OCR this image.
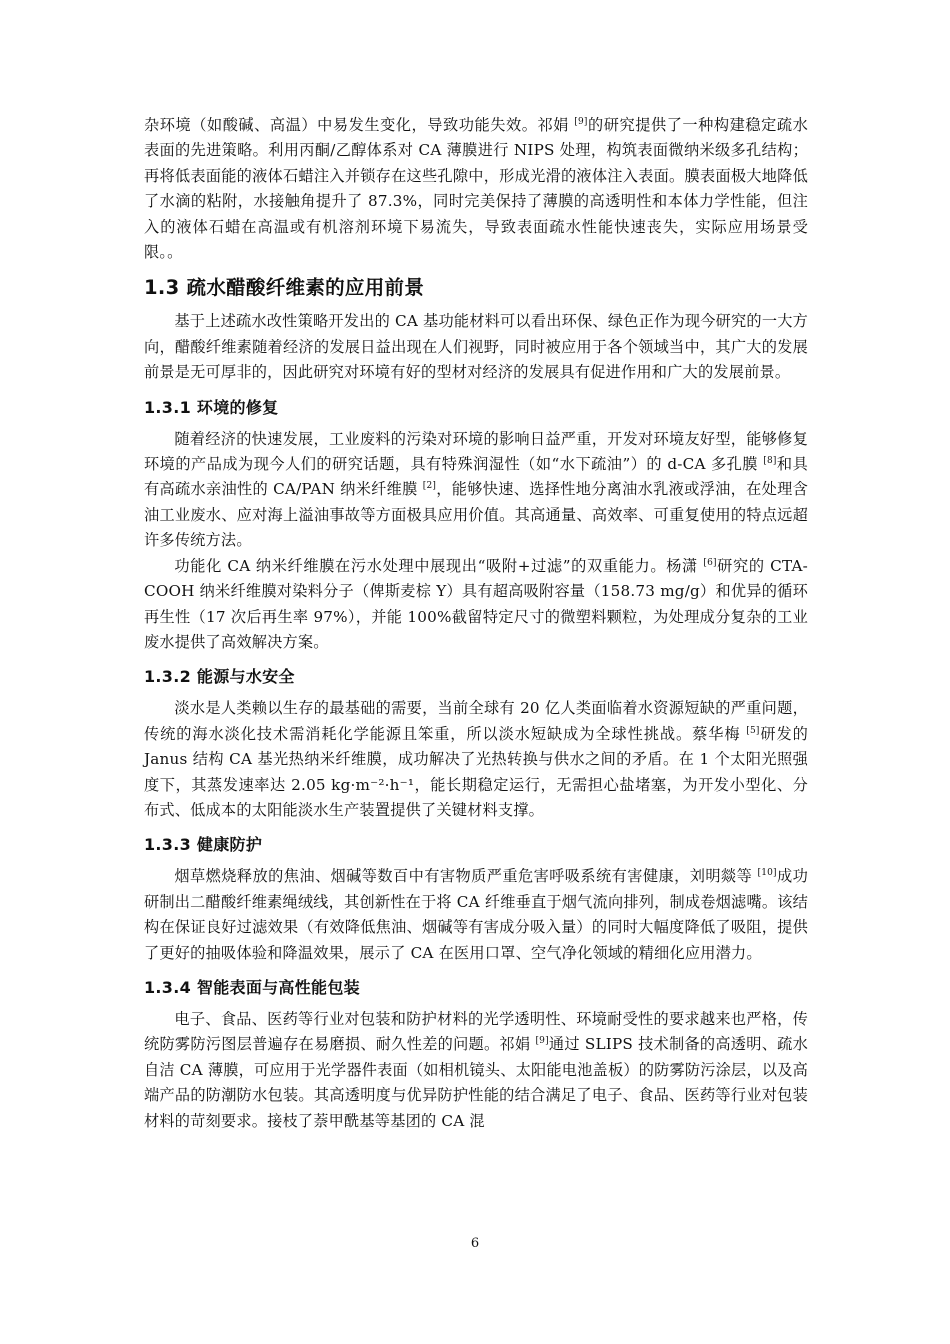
杂环境（如酸碱、高温）中易发生变化，导致功能失效。祁娟 [9]的研究提供了一种构建稳定疏水表面的先进策略。利用丙酮/乙醇体系对 CA 薄膜进行 NIPS 处理，构筑表面微纳米级多孔结构；再将低表面能的液体石蜡注入并锁存在这些孔隙中，形成光滑的液体注入表面。膜表面极大地降低了水滴的粘附，水接触角提升了 87.3%，同时完美保持了薄膜的高透明性和本体力学性能，但注入的液体石蜡在高温或有机溶剂环境下易流失，导致表面疏水性能快速丧失，实际应用场景受限。。

1.3 疏水醋酸纤维素的应用前景

基于上述疏水改性策略开发出的 CA 基功能材料可以看出环保、绿色正作为现今研究的一大方向，醋酸纤维素随着经济的发展日益出现在人们视野，同时被应用于各个领域当中，其广大的发展前景是无可厚非的，因此研究对环境有好的型材对经济的发展具有促进作用和广大的发展前景。

1.3.1 环境的修复

随着经济的快速发展，工业废料的污染对环境的影响日益严重，开发对环境友好型，能够修复环境的产品成为现今人们的研究话题，具有特殊润湿性（如“水下疏油”）的 d-CA 多孔膜 [8]和具有高疏水亲油性的 CA/PAN 纳米纤维膜 [2]，能够快速、选择性地分离油水乳液或浮油，在处理含油工业废水、应对海上溢油事故等方面极具应用价值。其高通量、高效率、可重复使用的特点远超许多传统方法。

功能化 CA 纳米纤维膜在污水处理中展现出“吸附+过滤”的双重能力。杨潇 [6]研究的 CTA-COOH 纳米纤维膜对染料分子（俾斯麦棕 Y）具有超高吸附容量（158.73 mg/g）和优异的循环再生性（17 次后再生率 97%），并能 100%截留特定尺寸的微塑料颗粒，为处理成分复杂的工业废水提供了高效解决方案。

1.3.2 能源与水安全

淡水是人类赖以生存的最基础的需要，当前全球有 20 亿人类面临着水资源短缺的严重问题，传统的海水淡化技术需消耗化学能源且笨重，所以淡水短缺成为全球性挑战。蔡华梅 [5]研发的 Janus 结构 CA 基光热纳米纤维膜，成功解决了光热转换与供水之间的矛盾。在 1 个太阳光照强度下，其蒸发速率达 2.05 kg·m⁻²·h⁻¹，能长期稳定运行，无需担心盐堵塞，为开发小型化、分布式、低成本的太阳能淡水生产装置提供了关键材料支撑。

1.3.3 健康防护

烟草燃烧释放的焦油、烟碱等数百中有害物质严重危害呼吸系统有害健康，刘明燚等 [10]成功研制出二醋酸纤维素绳绒线，其创新性在于将 CA 纤维垂直于烟气流向排列，制成卷烟滤嘴。该结构在保证良好过滤效果（有效降低焦油、烟碱等有害成分吸入量）的同时大幅度降低了吸阻，提供了更好的抽吸体验和降温效果，展示了 CA 在医用口罩、空气净化领域的精细化应用潜力。

1.3.4 智能表面与高性能包装

电子、食品、医药等行业对包装和防护材料的光学透明性、环境耐受性的要求越来也严格，传统防雾防污图层普遍存在易磨损、耐久性差的问题。祁娟 [9]通过 SLIPS 技术制备的高透明、疏水自洁 CA 薄膜，可应用于光学器件表面（如相机镜头、太阳能电池盖板）的防雾防污涂层，以及高端产品的防潮防水包装。其高透明度与优异防护性能的结合满足了电子、食品、医药等行业对包装材料的苛刻要求。接枝了萘甲酰基等基团的 CA 混

6
